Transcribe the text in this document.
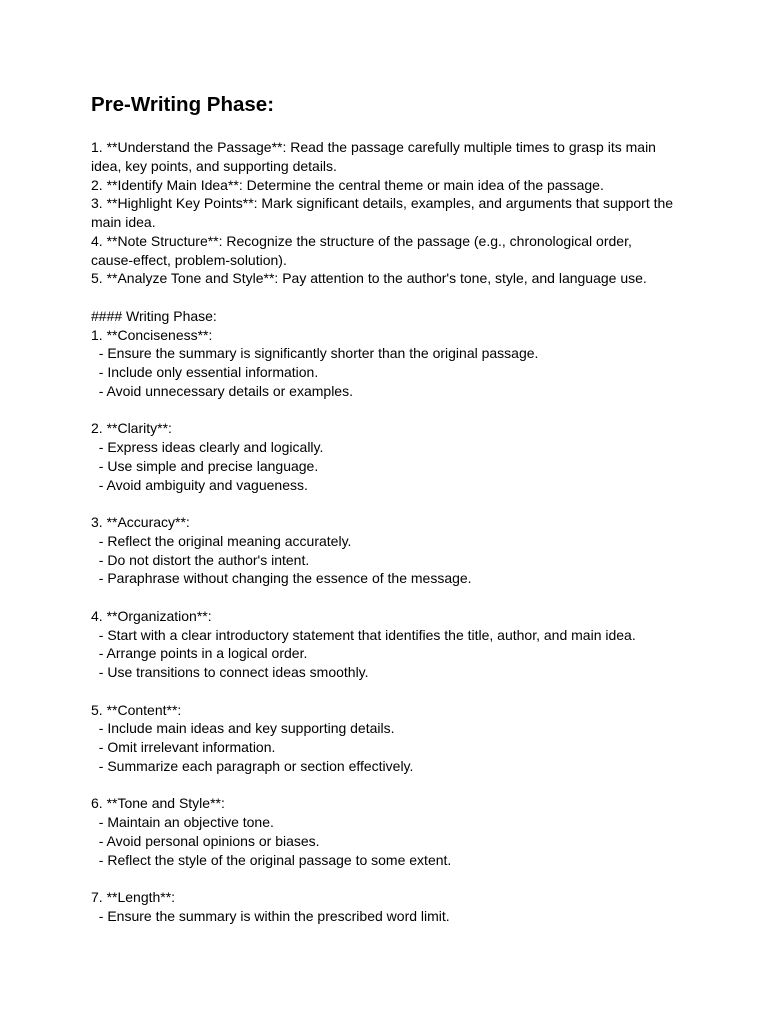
Pre-Writing Phase:
1. **Understand the Passage**: Read the passage carefully multiple times to grasp its main
idea, key points, and supporting details.
2. **Identify Main Idea**: Determine the central theme or main idea of the passage.
3. **Highlight Key Points**: Mark significant details, examples, and arguments that support the
main idea.
4. **Note Structure**: Recognize the structure of the passage (e.g., chronological order,
cause-effect, problem-solution).
5. **Analyze Tone and Style**: Pay attention to the author's tone, style, and language use.
#### Writing Phase:
1. **Conciseness**:
- Ensure the summary is significantly shorter than the original passage.
- Include only essential information.
- Avoid unnecessary details or examples.
2. **Clarity**:
- Express ideas clearly and logically.
- Use simple and precise language.
- Avoid ambiguity and vagueness.
3. **Accuracy**:
- Reflect the original meaning accurately.
- Do not distort the author's intent.
- Paraphrase without changing the essence of the message.
4. **Organization**:
- Start with a clear introductory statement that identifies the title, author, and main idea.
- Arrange points in a logical order.
- Use transitions to connect ideas smoothly.
5. **Content**:
- Include main ideas and key supporting details.
- Omit irrelevant information.
- Summarize each paragraph or section effectively.
6. **Tone and Style**:
- Maintain an objective tone.
- Avoid personal opinions or biases.
- Reflect the style of the original passage to some extent.
7. **Length**:
- Ensure the summary is within the prescribed word limit.
